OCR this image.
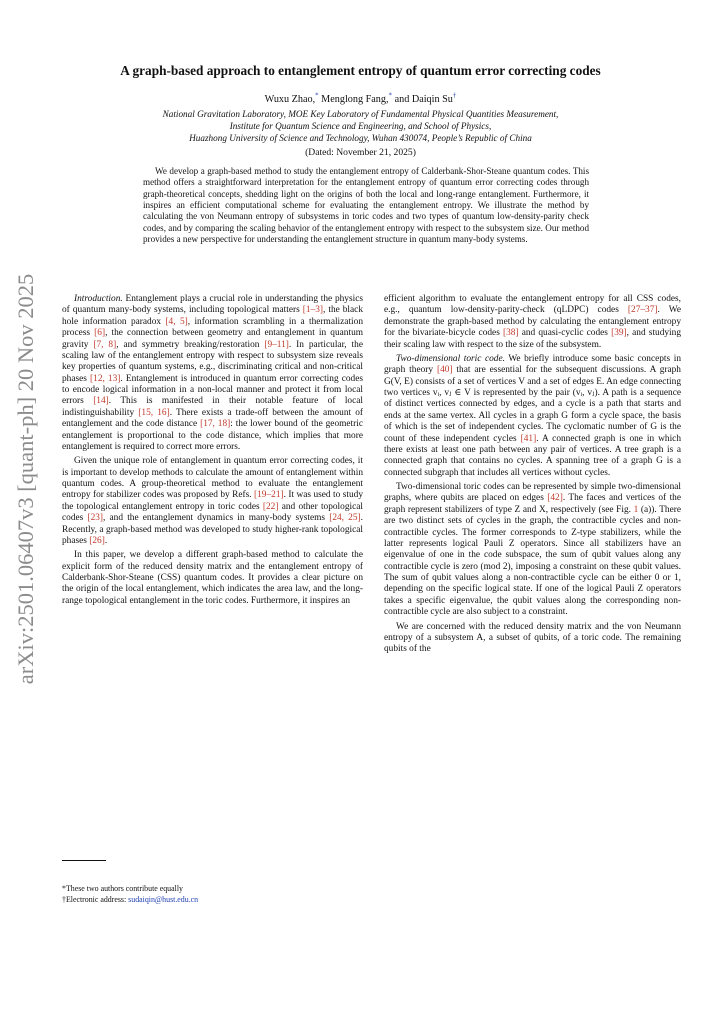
arXiv:2501.06407v3 [quant-ph] 20 Nov 2025
A graph-based approach to entanglement entropy of quantum error correcting codes
Wuxu Zhao,* Menglong Fang,* and Daiqin Su†
National Gravitation Laboratory, MOE Key Laboratory of Fundamental Physical Quantities Measurement,
Institute for Quantum Science and Engineering, and School of Physics,
Huazhong University of Science and Technology, Wuhan 430074, People’s Republic of China
(Dated: November 21, 2025)
We develop a graph-based method to study the entanglement entropy of Calderbank-Shor-Steane quantum codes. This method offers a straightforward interpretation for the entanglement entropy of quantum error correcting codes through graph-theoretical concepts, shedding light on the origins of both the local and long-range entanglement. Furthermore, it inspires an efficient computational scheme for evaluating the entanglement entropy. We illustrate the method by calculating the von Neumann entropy of subsystems in toric codes and two types of quantum low-density-parity check codes, and by comparing the scaling behavior of the entanglement entropy with respect to the subsystem size. Our method provides a new perspective for understanding the entanglement structure in quantum many-body systems.

Introduction. Entanglement plays a crucial role in understanding the physics of quantum many-body systems, including topological matters [1–3], the black hole information paradox [4, 5], information scrambling in a thermalization process [6], the connection between geometry and entanglement in quantum gravity [7, 8], and symmetry breaking/restoration [9–11]. In particular, the scaling law of the entanglement entropy with respect to subsystem size reveals key properties of quantum systems, e.g., discriminating critical and non-critical phases [12, 13]. Entanglement is introduced in quantum error correcting codes to encode logical information in a non-local manner and protect it from local errors [14]. This is manifested in their notable feature of local indistinguishability [15, 16]. There exists a trade-off between the amount of entanglement and the code distance [17, 18]: the lower bound of the geometric entanglement is proportional to the code distance, which implies that more entanglement is required to correct more errors.

Given the unique role of entanglement in quantum error correcting codes, it is important to develop methods to calculate the amount of entanglement within quantum codes. A group-theoretical method to evaluate the entanglement entropy for stabilizer codes was proposed by Refs. [19–21]. It was used to study the topological entanglement entropy in toric codes [22] and other topological codes [23], and the entanglement dynamics in many-body systems [24, 25]. Recently, a graph-based method was developed to study higher-rank topological phases [26].

In this paper, we develop a different graph-based method to calculate the explicit form of the reduced density matrix and the entanglement entropy of Calderbank-Shor-Steane (CSS) quantum codes. It provides a clear picture on the origin of the local entanglement, which indicates the area law, and the long-range topological entanglement in the toric codes. Furthermore, it inspires an

*These two authors contribute equally
†Electronic address: sudaiqin@hust.edu.cn

efficient algorithm to evaluate the entanglement entropy for all CSS codes, e.g., quantum low-density-parity-check (qLDPC) codes [27–37]. We demonstrate the graph-based method by calculating the entanglement entropy for the bivariate-bicycle codes [38] and quasi-cyclic codes [39], and studying their scaling law with respect to the size of the subsystem.

Two-dimensional toric code. We briefly introduce some basic concepts in graph theory [40] that are essential for the subsequent discussions. A graph G(V, E) consists of a set of vertices V and a set of edges E. An edge connecting two vertices vᵢ, vⱼ ∈ V is represented by the pair (vᵢ, vⱼ). A path is a sequence of distinct vertices connected by edges, and a cycle is a path that starts and ends at the same vertex. All cycles in a graph G form a cycle space, the basis of which is the set of independent cycles. The cyclomatic number of G is the count of these independent cycles [41]. A connected graph is one in which there exists at least one path between any pair of vertices. A tree graph is a connected graph that contains no cycles. A spanning tree of a graph G is a connected subgraph that includes all vertices without cycles.

Two-dimensional toric codes can be represented by simple two-dimensional graphs, where qubits are placed on edges [42]. The faces and vertices of the graph represent stabilizers of type Z and X, respectively (see Fig. 1 (a)). There are two distinct sets of cycles in the graph, the contractible cycles and non-contractible cycles. The former corresponds to Z-type stabilizers, while the latter represents logical Pauli Z operators. Since all stabilizers have an eigenvalue of one in the code subspace, the sum of qubit values along any contractible cycle is zero (mod 2), imposing a constraint on these qubit values. The sum of qubit values along a non-contractible cycle can be either 0 or 1, depending on the specific logical state. If one of the logical Pauli Z operators takes a specific eigenvalue, the qubit values along the corresponding non-contractible cycle are also subject to a constraint.

We are concerned with the reduced density matrix and the von Neumann entropy of a subsystem A, a subset of qubits, of a toric code. The remaining qubits of the
